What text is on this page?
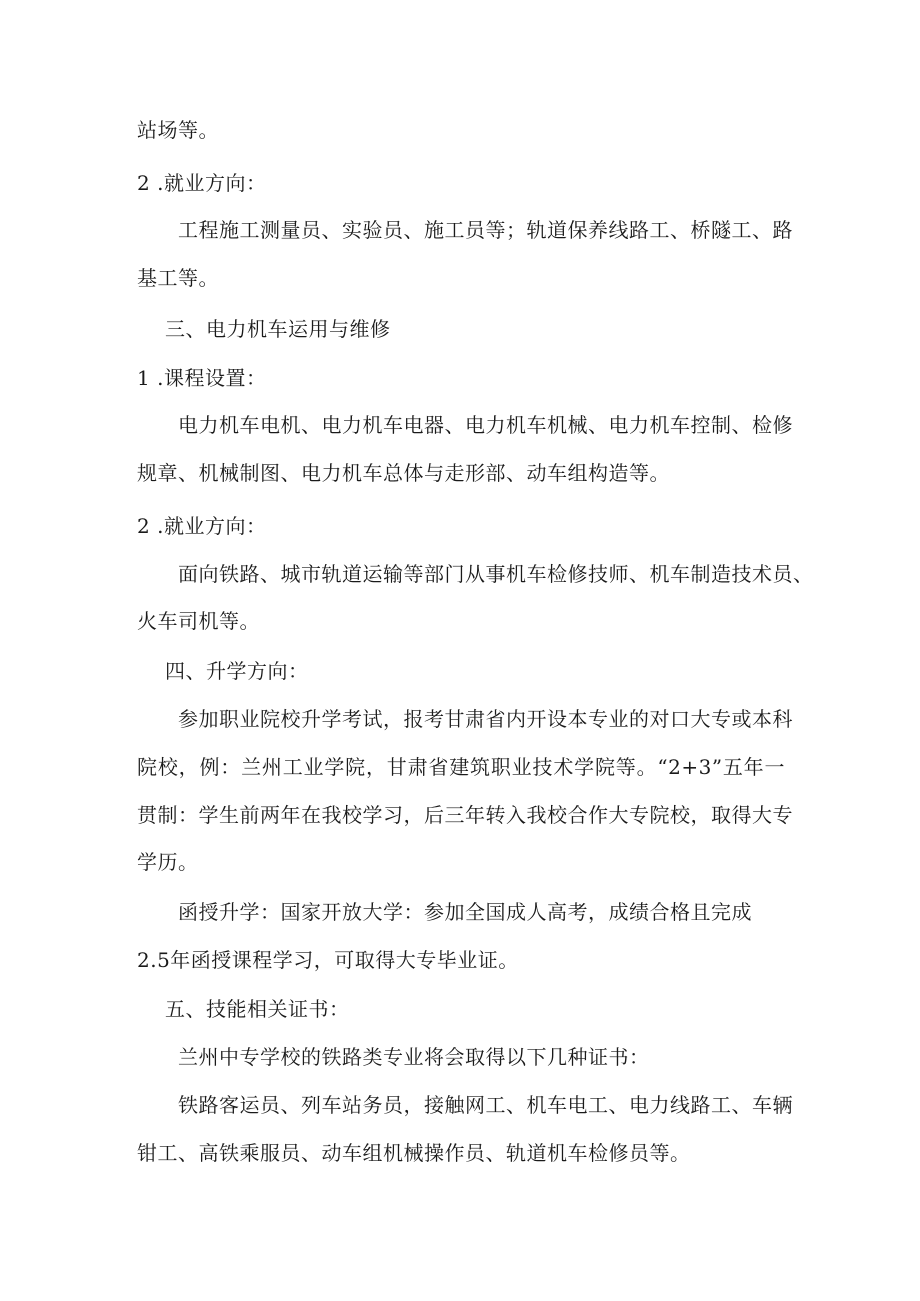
站场等。
2 .就业方向：
工程施工测量员、实验员、施工员等；轨道保养线路工、桥隧工、路
基工等。
三、电力机车运用与维修
1 .课程设置：
电力机车电机、电力机车电器、电力机车机械、电力机车控制、检修
规章、机械制图、电力机车总体与走形部、动车组构造等。
2 .就业方向：
面向铁路、城市轨道运输等部门从事机车检修技师、机车制造技术员、
火车司机等。
四、升学方向：
参加职业院校升学考试，报考甘肃省内开设本专业的对口大专或本科
院校，例：兰州工业学院，甘肃省建筑职业技术学院等。“2+3”五年一
贯制：学生前两年在我校学习，后三年转入我校合作大专院校，取得大专
学历。
函授升学：国家开放大学：参加全国成人高考，成绩合格且完成
2.5年函授课程学习，可取得大专毕业证。
五、技能相关证书：
兰州中专学校的铁路类专业将会取得以下几种证书：
铁路客运员、列车站务员，接触网工、机车电工、电力线路工、车辆
钳工、高铁乘服员、动车组机械操作员、轨道机车检修员等。
